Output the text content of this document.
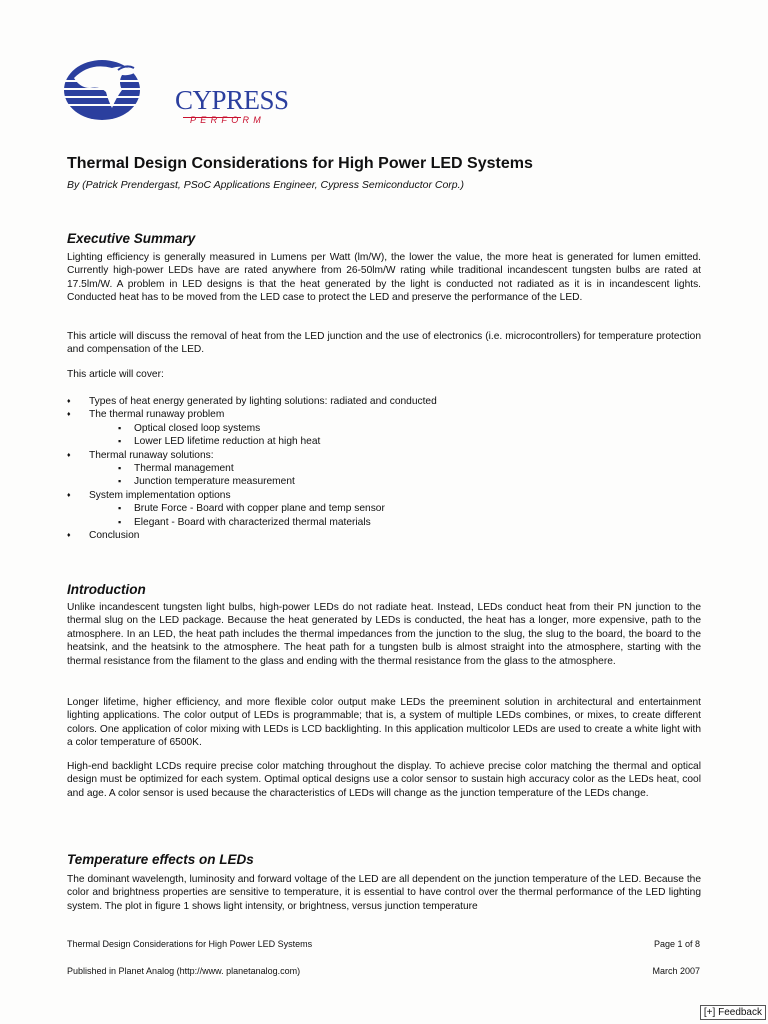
CYPRESS
PERFORM
Thermal Design Considerations for High Power LED Systems

By (Patrick Prendergast, PSoC Applications Engineer, Cypress Semiconductor Corp.)

Executive Summary

Lighting efficiency is generally measured in Lumens per Watt (lm/W), the lower the value, the more heat is generated for lumen emitted. Currently high-power LEDs have are rated anywhere from 26-50lm/W rating while traditional incandescent tungsten bulbs are rated at 17.5lm/W. A problem in LED designs is that the heat generated by the light is conducted not radiated as it is in incandescent lights. Conducted heat has to be moved from the LED case to protect the LED and preserve the performance of the LED.

This article will discuss the removal of heat from the LED junction and the use of electronics (i.e. microcontrollers) for temperature protection and compensation of the LED.

This article will cover:

♦ Types of heat energy generated by lighting solutions: radiated and conducted
♦ The thermal runaway problem
▪ Optical closed loop systems
▪ Lower LED lifetime reduction at high heat
♦ Thermal runaway solutions:
▪ Thermal management
▪ Junction temperature measurement
♦ System implementation options
▪ Brute Force - Board with copper plane and temp sensor
▪ Elegant - Board with characterized thermal materials
♦ Conclusion
Introduction

Unlike incandescent tungsten light bulbs, high-power LEDs do not radiate heat. Instead, LEDs conduct heat from their PN junction to the thermal slug on the LED package. Because the heat generated by LEDs is conducted, the heat has a longer, more expensive, path to the atmosphere. In an LED, the heat path includes the thermal impedances from the junction to the slug, the slug to the board, the board to the heatsink, and the heatsink to the atmosphere. The heat path for a tungsten bulb is almost straight into the atmosphere, starting with the thermal resistance from the filament to the glass and ending with the thermal resistance from the glass to the atmosphere.

Longer lifetime, higher efficiency, and more flexible color output make LEDs the preeminent solution in architectural and entertainment lighting applications. The color output of LEDs is programmable; that is, a system of multiple LEDs combines, or mixes, to create different colors. One application of color mixing with LEDs is LCD backlighting. In this application multicolor LEDs are used to create a white light with a color temperature of 6500K.

High-end backlight LCDs require precise color matching throughout the display. To achieve precise color matching the thermal and optical design must be optimized for each system. Optimal optical designs use a color sensor to sustain high accuracy color as the LEDs heat, cool and age. A color sensor is used because the characteristics of LEDs will change as the junction temperature of the LEDs change.

Temperature effects on LEDs

The dominant wavelength, luminosity and forward voltage of the LED are all dependent on the junction temperature of the LED. Because the color and brightness properties are sensitive to temperature, it is essential to have control over the thermal performance of the LED lighting system. The plot in figure 1 shows light intensity, or brightness, versus junction temperature

Thermal Design Considerations for High Power LED Systems	Page 1 of 8

Published in Planet Analog (http://www. planetanalog.com)	March 2007

[+] Feedback
